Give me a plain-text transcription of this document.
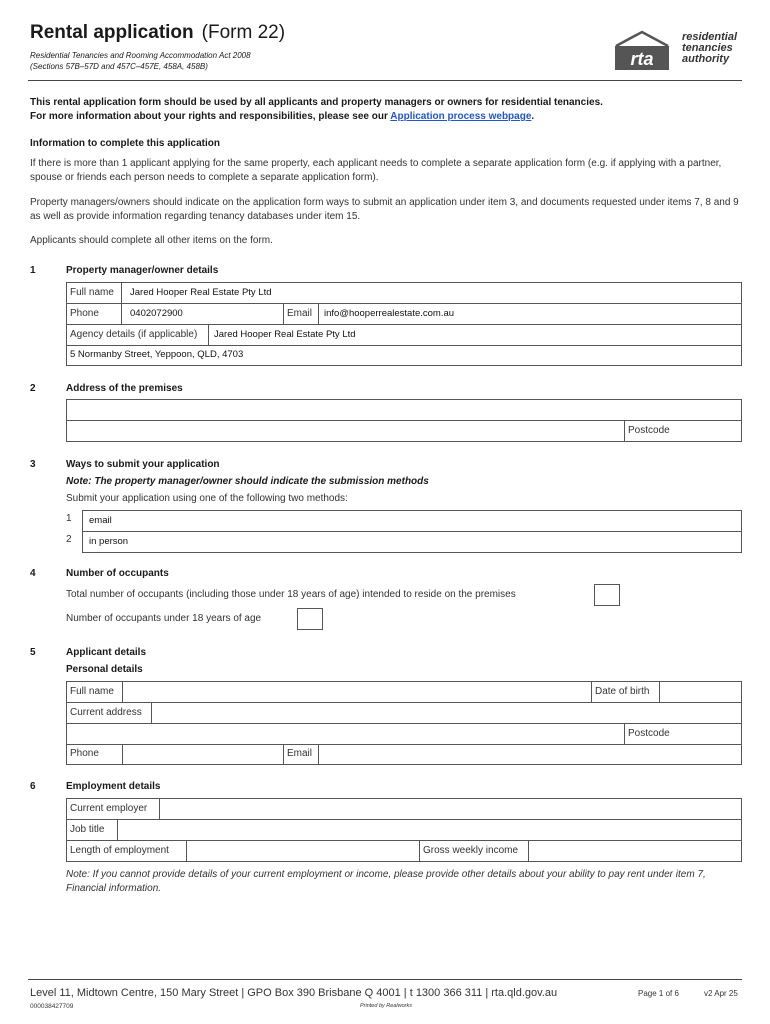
Rental application (Form 22)
Residential Tenancies and Rooming Accommodation Act 2008
(Sections 57B–57D and 457C–457E, 458A, 458B)	rta
residential
tenancies
authority
This rental application form should be used by all applicants and property managers or owners for residential tenancies.
For more information about your rights and responsibilities, please see our Application process webpage.
Information to complete this application
If there is more than 1 applicant applying for the same property, each applicant needs to complete a separate application form (e.g. if applying with a partner, spouse or friends each person needs to complete a separate application form).
Property managers/owners should indicate on the application form ways to submit an application under item 3, and documents requested under items 7, 8 and 9 as well as provide information regarding tenancy databases under item 15.
Applicants should complete all other items on the form.
1	Property manager/owner details
Full name	Jared Hooper Real Estate Pty Ltd
Phone	0402072900	Email	info@hooperrealestate.com.au
Agency details (if applicable)	Jared Hooper Real Estate Pty Ltd
5 Normanby Street, Yeppoon, QLD, 4703
2	Address of the premises
Postcode
3	Ways to submit your application
Note: The property manager/owner should indicate the submission methods
Submit your application using one of the following two methods:
1
2
email
in person
4	Number of occupants
Total number of occupants (including those under 18 years of age) intended to reside on the premises
Number of occupants under 18 years of age
5	Applicant details
Personal details
Full name	Date of birth
Current address
Postcode
Phone	Email
6	Employment details
Current employer
Job title
Length of employment	Gross weekly income
Note: If you cannot provide details of your current employment or income, please provide other details about your ability to pay rent under item 7, Financial information.
Level 11, Midtown Centre, 150 Mary Street | GPO Box 390 Brisbane Q 4001 | t 1300 366 311 | rta.qld.gov.au	Page 1 of 6	v2 Apr 25
000038427709	Printed by Realworks
